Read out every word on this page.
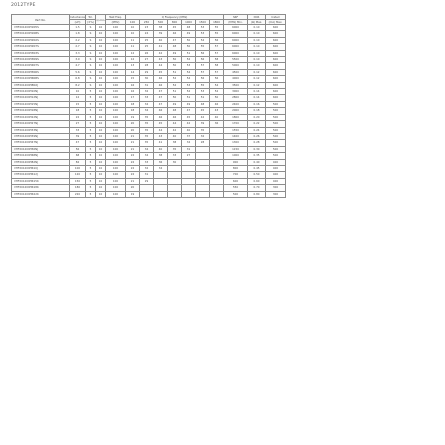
2012TYPE
Part No.	Inductance	Tol.	Q min	Test Freq.	Q Frequency (MHz)							SRF	DCR	Irated
	(uH)	(±%)		(MHz)	100	250	500	800	1000	1500	1800	(MHz) Min.	(Ω) Max.	(mA) Max.
VHF201209H1N5S	1.5	S	10	100	10	23	38	45	48	53	55	6000	0.10	600
VHF201209H1N8S	1.8	S	10	100	10	24	39	46	49	53	55	6000	0.10	600
VHF201209H2N2S	2.2	S	10	100	11	25	40	47	50	54	56	6000	0.10	600
VHF201209H2N7S	2.7	S	10	100	11	25	41	48	50	55	57	6000	0.10	600
VHF201209H3N3S	3.3	S	10	100	12	26	42	49	51	56	57	6000	0.10	600
VHF201209H3N9S	3.9	S	10	100	12	27	43	50	52	56	58	5500	0.10	600
VHF201209H4N7S	4.7	S	10	100	13	28	44	50	53	57	58	5000	0.10	600
VHF201209H5N6S	5.6	S	10	100	14	29	45	51	54	57	57	4500	0.12	600
VHF201209H6N8S	6.8	S	10	100	15	30	46	52	54	56	56	4000	0.12	600
VHF201209H8N2J	8.2	S	10	100	16	31	46	52	53	55	54	3500	0.12	600
VHF201209H10NJ	10	5	10	100	16	32	47	51	52	53	52	3000	0.14	600
VHF201209H12NJ	12	5	10	100	17	33	47	50	51	51	50	2800	0.14	600
VHF201209H15NJ	15	5	10	100	18	34	47	49	49	48	46	2400	0.16	500
VHF201209H18NJ	18	5	10	100	18	34	46	48	47	45	43	2000	0.18	500
VHF201209H22NJ	22	5	10	100	19	35	46	46	45	42	40	1800	0.20	500
VHF201209H27NJ	27	5	10	100	20	35	45	44	42	39	36	1700	0.22	500
VHF201209H33NJ	33	5	10	100	20	35	44	42	40	35		1550	0.24	500
VHF201209H39NJ	39	5	10	100	21	35	43	40	37	32		1400	0.26	500
VHF201209H47NJ	47	5	10	100	21	35	41	38	34	28		1300	0.28	500
VHF201209H56NJ	56	5	10	100	21	34	40	35	31			1150	0.30	500
VHF201209H68NJ	68	5	10	100	22	34	38	33	27			1000	0.35	500
VHF201209H82NJ	82	5	10	100	22	33	36	30				900	0.40	400
VHF201209HR10J	100	5	10	100	22	32	34					800	0.45	400
VHF201209HR12J	120	5	10	100	22	31						700	0.50	400
VHF201209HR15K	150	5	10	100	21	29						600	0.60	400
VHF201209HR18K	180	5	10	100	20							550	0.70	300
VHF201209HR22K	220	5	10	100	19							500	0.80	300
